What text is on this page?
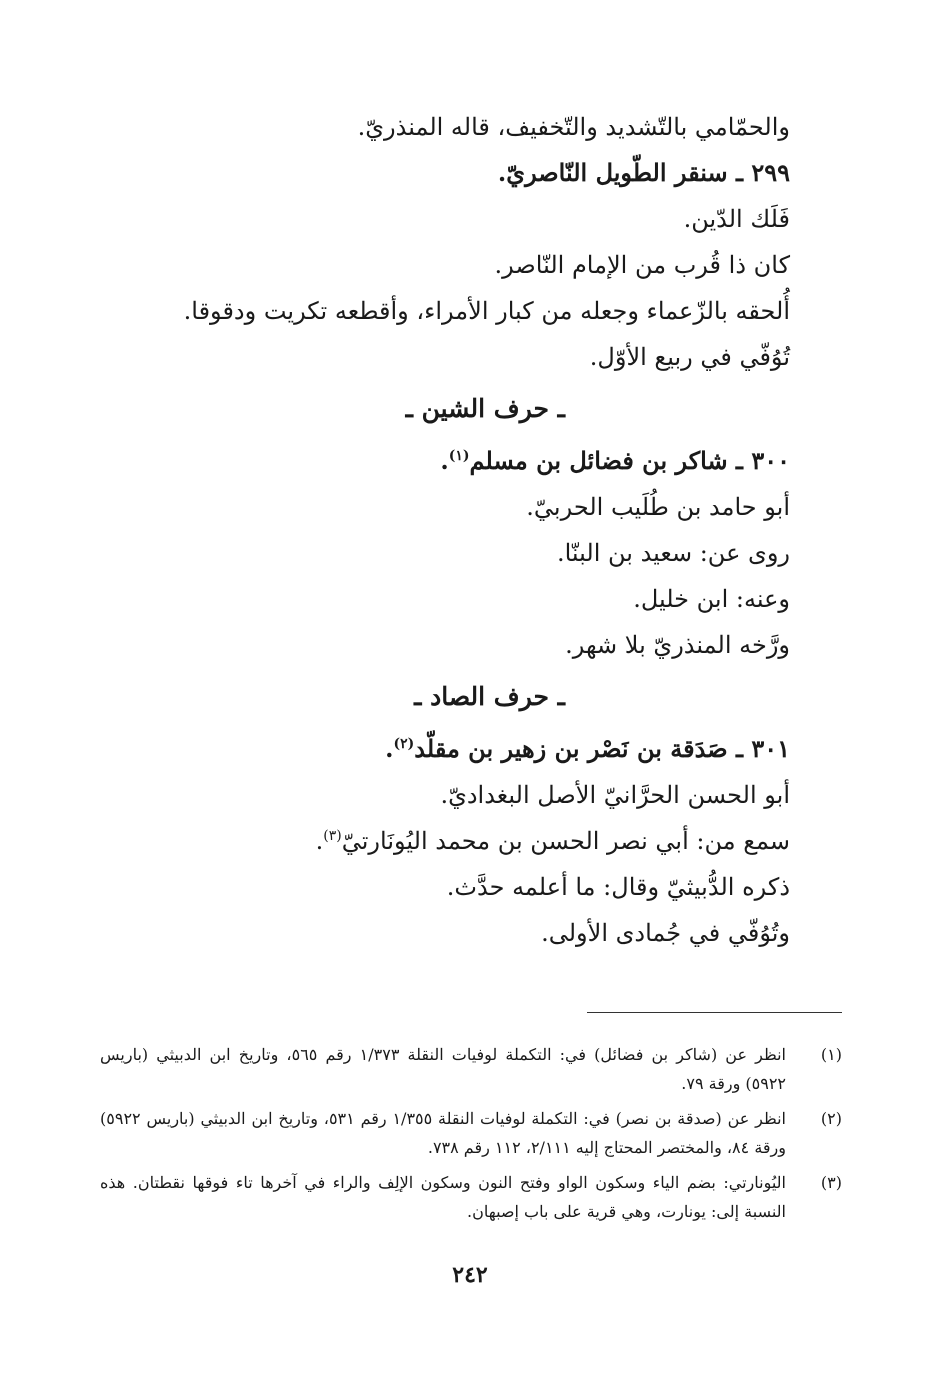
والحمّامي بالتّشديد والتّخفيف، قاله المنذريّ.
٢٩٩ ـ سنقر الطّويل النّاصريّ.
فَلَك الدّين.
كان ذا قُرب من الإمام النّاصر.
أُلحقه بالزّعماء وجعله من كبار الأمراء، وأقطعه تكريت ودقوقا.
تُوُفّي في ربيع الأوّل.
ـ حرف الشين ـ
٣٠٠ ـ شاكر بن فضائل بن مسلم$^{(١)}$.
أبو حامد بن طُلَيب الحربيّ.
روى عن: سعيد بن البنّا.
وعنه: ابن خليل.
ورَّخه المنذريّ بلا شهر.
ـ حرف الصاد ـ
٣٠١ ـ صَدَقة بن نَصْر بن زهير بن مقلّد$^{(٢)}$.
أبو الحسن الحرَّانيّ الأصل البغداديّ.
سمع من: أبي نصر الحسن بن محمد اليُونَارتيّ$^{(٣)}$.
ذكره الدُّبيثيّ وقال: ما أعلمه حدَّث.
وتُوُفّي في جُمادى الأولى.
(١)
انظر عن (شاكر بن فضائل) في: التكملة لوفيات النقلة ١/٣٧٣ رقم ٥٦٥، وتاريخ ابن الدبيثي (باريس ٥٩٢٢) ورقة ٧٩.
(٢)
انظر عن (صدقة بن نصر) في: التكملة لوفيات النقلة ١/٣٥٥ رقم ٥٣١، وتاريخ ابن الدبيثي (باريس ٥٩٢٢) ورقة ٨٤، والمختصر المحتاج إليه ٢/١١١، ١١٢ رقم ٧٣٨.
(٣)
اليُونارتي: بضم الياء وسكون الواو وفتح النون وسكون الإلِف والراء في آخرها تاء فوقها نقطتان. هذه النسبة إلى: يونارت، وهي قرية على باب إصبهان.
٢٤٢
